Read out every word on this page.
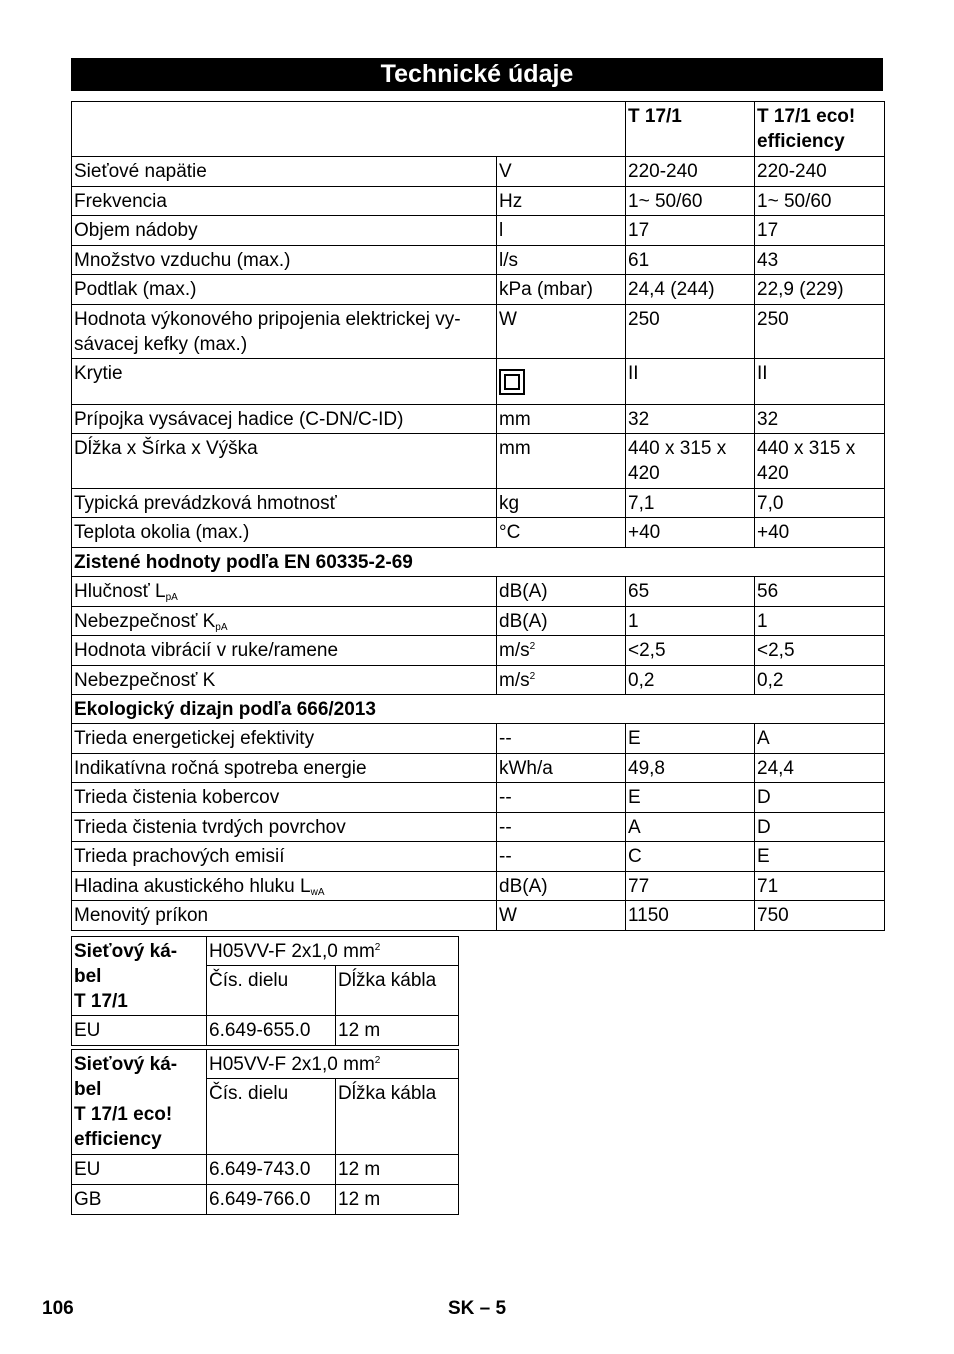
Technické údaje
		T 17/1	T 17/1 eco! efficiency
Sieťové napätie	V	220-240	220-240
Frekvencia	Hz	1~ 50/60	1~ 50/60
Objem nádoby	l	17	17
Množstvo vzduchu (max.)	l/s	61	43
Podtlak (max.)	kPa (mbar)	24,4 (244)	22,9 (229)
Hodnota výkonového pripojenia elektrickej vy-sávacej kefky (max.)	W	250	250
Krytie		II	II
Prípojka vysávacej hadice (C-DN/C-ID)	mm	32	32
Dĺžka x Šírka x Výška	mm	440 x 315 x 420	440 x 315 x 420
Typická prevádzková hmotnosť	kg	7,1	7,0
Teplota okolia (max.)	°C	+40	+40
Zistené hodnoty podľa EN 60335-2-69			
Hlučnosť $L_{pA}$	dB(A)	65	56
Nebezpečnosť $K_{pA}$	dB(A)	1	1
Hodnota vibrácií v ruke/ramene	$m/s^2$	<2,5	<2,5
Nebezpečnosť K	$m/s^2$	0,2	0,2
Ekologický dizajn podľa 666/2013			
Trieda energetickej efektivity	--	E	A
Indikatívna ročná spotreba energie	kWh/a	49,8	24,4
Trieda čistenia kobercov	--	E	D
Trieda čistenia tvrdých povrchov	--	A	D
Trieda prachových emisií	--	C	E
Hladina akustického hluku $L_{wA}$	dB(A)	77	71
Menovitý príkon	W	1150	750
Sieťový ká-
bel
T 17/1	H05VV-F 2x1,0 $mm^2$
	Čís. dielu	Dĺžka kábla
EU	6.649-655.0	12 m
Sieťový ká-
bel
T 17/1 eco!
efficiency	H05VV-F 2x1,0 $mm^2$
	Čís. dielu	Dĺžka kábla
EU	6.649-743.0	12 m
GB	6.649-766.0	12 m
106	SK – 5
